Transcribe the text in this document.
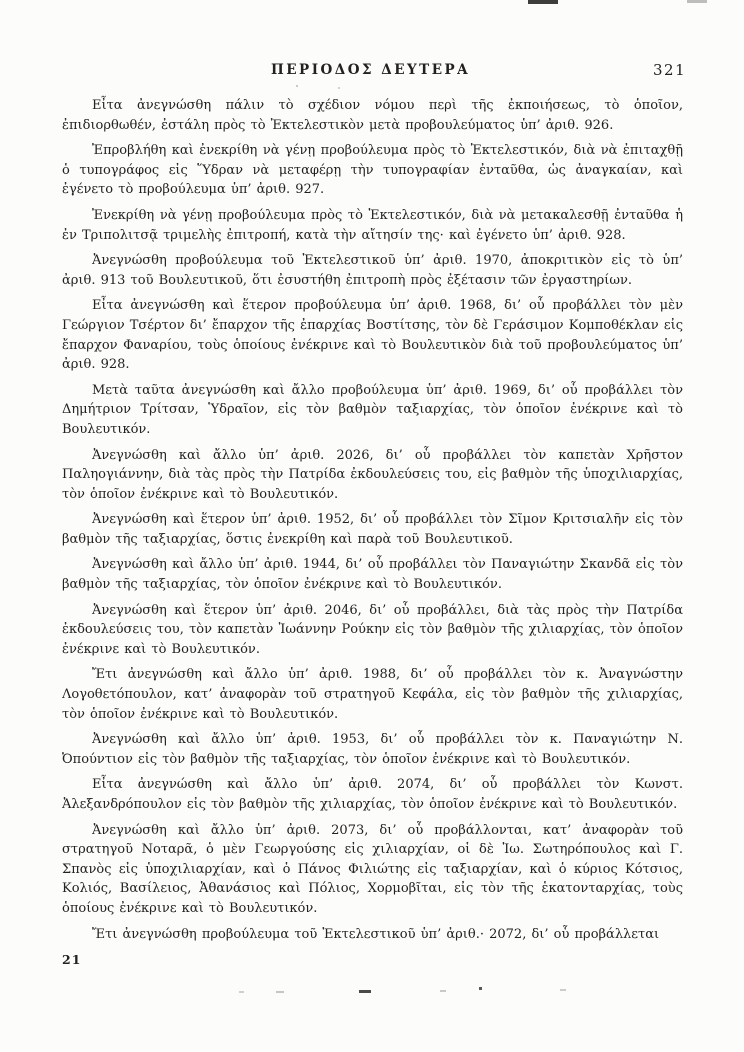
ΠΕΡΙΟΔΟΣ ΔΕΥΤΕΡΑ	321

Εἶτα ἀνεγνώσθη πάλιν τὸ σχέδιον νόμου περὶ τῆς ἐκποιήσεως, τὸ ὁποῖον, ἐπιδιορθωθέν, ἐστάλη πρὸς τὸ Ἐκτελεστικὸν μετὰ προβουλεύματος ὑπ’ ἀριθ. 926.

Ἐπροβλήθη καὶ ἐνεκρίθη νὰ γένῃ προβούλευμα πρὸς τὸ Ἐκτελεστικόν, διὰ νὰ ἐπιταχθῇ ὁ τυπογράφος εἰς Ὕδραν νὰ μεταφέρῃ τὴν τυπογραφίαν ἐνταῦθα, ὡς ἀναγκαίαν, καὶ ἐγένετο τὸ προβούλευμα ὑπ’ ἀριθ. 927.

Ἐνεκρίθη νὰ γένῃ προβούλευμα πρὸς τὸ Ἐκτελεστικόν, διὰ νὰ μετακαλεσθῇ ἐνταῦθα ἡ ἐν Τριπολιτσᾷ τριμελὴς ἐπιτροπή, κατὰ τὴν αἴτησίν της· καὶ ἐγένετο ὑπ’ ἀριθ. 928.

Ἀνεγνώσθη προβούλευμα τοῦ Ἐκτελεστικοῦ ὑπ’ ἀριθ. 1970, ἀποκριτικὸν εἰς τὸ ὑπ’ ἀριθ. 913 τοῦ Βουλευτικοῦ, ὅτι ἐσυστήθη ἐπιτροπὴ πρὸς ἐξέτασιν τῶν ἐργαστηρίων.

Εἶτα ἀνεγνώσθη καὶ ἕτερον προβούλευμα ὑπ’ ἀριθ. 1968, δι’ οὗ προβάλλει τὸν μὲν Γεώργιον Τσέρτον δι’ ἔπαρχον τῆς ἐπαρχίας Βοστίτσης, τὸν δὲ Γεράσιμον Κομποθέκλαν εἰς ἔπαρχον Φαναρίου, τοὺς ὁποίους ἐνέκρινε καὶ τὸ Βουλευτικὸν διὰ τοῦ προβουλεύματος ὑπ’ ἀριθ. 928.

Μετὰ ταῦτα ἀνεγνώσθη καὶ ἄλλο προβούλευμα ὑπ’ ἀριθ. 1969, δι’ οὗ προβάλλει τὸν Δημήτριον Τρίτσαν, Ὑδραῖον, εἰς τὸν βαθμὸν ταξιαρχίας, τὸν ὁποῖον ἐνέκρινε καὶ τὸ Βουλευτικόν.

Ἀνεγνώσθη καὶ ἄλλο ὑπ’ ἀριθ. 2026, δι’ οὗ προβάλλει τὸν καπετὰν Χρῆστον Παληογιάννην, διὰ τὰς πρὸς τὴν Πατρίδα ἐκδουλεύσεις του, εἰς βαθμὸν τῆς ὑποχιλιαρχίας, τὸν ὁποῖον ἐνέκρινε καὶ τὸ Βουλευτικόν.

Ἀνεγνώσθη καὶ ἕτερον ὑπ’ ἀριθ. 1952, δι’ οὗ προβάλλει τὸν Σῖμον Κριτσιαλῆν εἰς τὸν βαθμὸν τῆς ταξιαρχίας, ὅστις ἐνεκρίθη καὶ παρὰ τοῦ Βουλευτικοῦ.

Ἀνεγνώσθη καὶ ἄλλο ὑπ’ ἀριθ. 1944, δι’ οὗ προβάλλει τὸν Παναγιώτην Σκανδᾶ εἰς τὸν βαθμὸν τῆς ταξιαρχίας, τὸν ὁποῖον ἐνέκρινε καὶ τὸ Βουλευτικόν.

Ἀνεγνώσθη καὶ ἕτερον ὑπ’ ἀριθ. 2046, δι’ οὗ προβάλλει, διὰ τὰς πρὸς τὴν Πατρίδα ἐκδουλεύσεις του, τὸν καπετὰν Ἰωάννην Ρούκην εἰς τὸν βαθμὸν τῆς χιλιαρχίας, τὸν ὁποῖον ἐνέκρινε καὶ τὸ Βουλευτικόν.

Ἔτι ἀνεγνώσθη καὶ ἄλλο ὑπ’ ἀριθ. 1988, δι’ οὗ προβάλλει τὸν κ. Ἀναγνώστην Λογοθετόπουλον, κατ’ ἀναφορὰν τοῦ στρατηγοῦ Κεφάλα, εἰς τὸν βαθμὸν τῆς χιλιαρχίας, τὸν ὁποῖον ἐνέκρινε καὶ τὸ Βουλευτικόν.

Ἀνεγνώσθη καὶ ἄλλο ὑπ’ ἀριθ. 1953, δι’ οὗ προβάλλει τὸν κ. Παναγιώτην Ν. Ὀπούντιον εἰς τὸν βαθμὸν τῆς ταξιαρχίας, τὸν ὁποῖον ἐνέκρινε καὶ τὸ Βουλευτικόν.

Εἶτα ἀνεγνώσθη καὶ ἄλλο ὑπ’ ἀριθ. 2074, δι’ οὗ προβάλλει τὸν Κωνστ. Ἀλεξανδρόπουλον εἰς τὸν βαθμὸν τῆς χιλιαρχίας, τὸν ὁποῖον ἐνέκρινε καὶ τὸ Βουλευτικόν.

Ἀνεγνώσθη καὶ ἄλλο ὑπ’ ἀριθ. 2073, δι’ οὗ προβάλλονται, κατ’ ἀναφορὰν τοῦ στρατηγοῦ Νοταρᾶ, ὁ μὲν Γεωργούσης εἰς χιλιαρχίαν, οἱ δὲ Ἰω. Σωτηρόπουλος καὶ Γ. Σπανὸς εἰς ὑποχιλιαρχίαν, καὶ ὁ Πάνος Φιλιώτης εἰς ταξιαρχίαν, καὶ ὁ κύριος Κότσιος, Κολιός, Βασίλειος, Ἀθανάσιος καὶ Πόλιος, Χορμοβῖται, εἰς τὸν τῆς ἑκατονταρχίας, τοὺς ὁποίους ἐνέκρινε καὶ τὸ Βουλευτικόν.

Ἔτι ἀνεγνώσθη προβούλευμα τοῦ Ἐκτελεστικοῦ ὑπ’ ἀριθ.· 2072, δι’ οὗ προβάλλεται

21
